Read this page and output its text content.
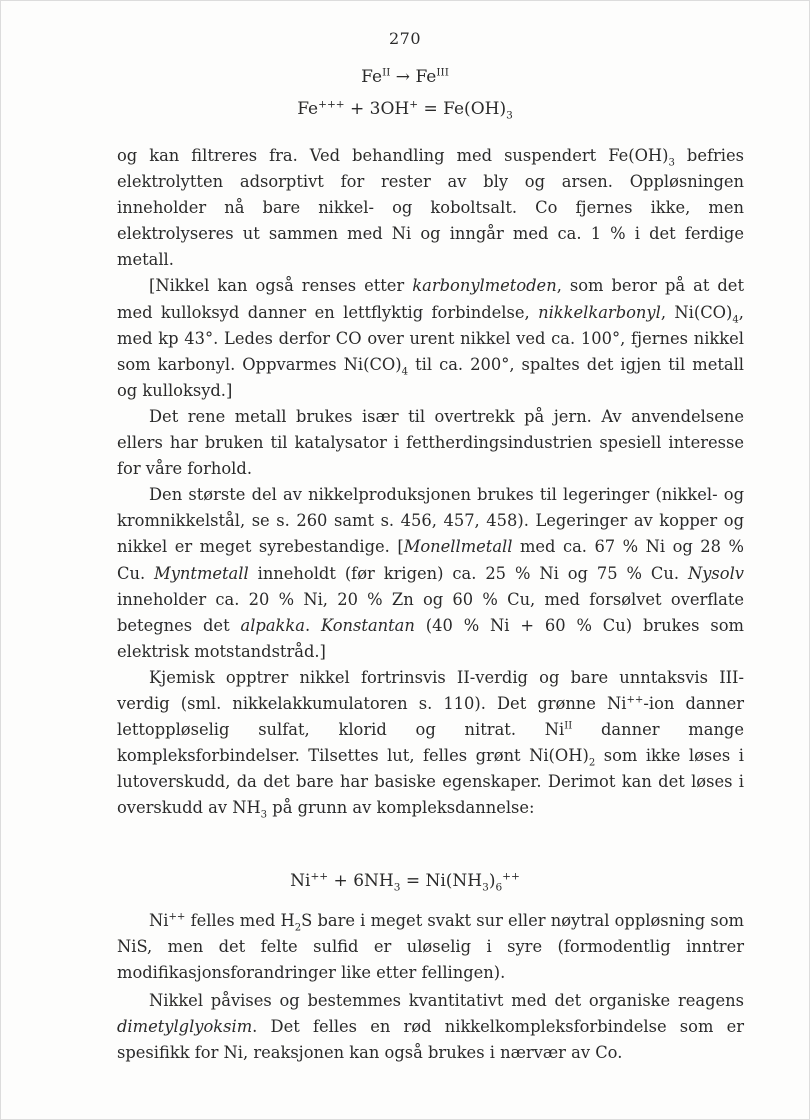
270
$Fe^{II} \to Fe^{III}$
$Fe^{+++} + 3OH^+ = Fe(OH)_3$

og kan filtreres fra. Ved behandling med suspendert $Fe(OH)_3$ befries elektrolytten adsorptivt for rester av bly og arsen. Oppløsningen inneholder nå bare nikkel- og koboltsalt. Co fjernes ikke, men elektrolyseres ut sammen med Ni og inngår med ca. 1 % i det ferdige metall.

[Nikkel kan også renses etter karbonylmetoden, som beror på at det med kulloksyd danner en lettflyktig forbindelse, nikkelkarbonyl, $Ni(CO)_4$, med kp 43°. Ledes derfor CO over urent nikkel ved ca. 100°, fjernes nikkel som karbonyl. Oppvarmes $Ni(CO)_4$ til ca. 200°, spaltes det igjen til metall og kulloksyd.]

Det rene metall brukes især til overtrekk på jern. Av anvendelsene ellers har bruken til katalysator i fettherdingsindustrien spesiell interesse for våre forhold.

Den største del av nikkelproduksjonen brukes til legeringer (nikkel- og kromnikkelstål, se s. 260 samt s. 456, 457, 458). Legeringer av kopper og nikkel er meget syrebestandige. [Monellmetall med ca. 67 % Ni og 28 % Cu. Myntmetall inneholdt (før krigen) ca. 25 % Ni og 75 % Cu. Nysolv inneholder ca. 20 % Ni, 20 % Zn og 60 % Cu, med forsølvet overflate betegnes det alpakka. Konstantan (40 % Ni + 60 % Cu) brukes som elektrisk motstandstråd.]

Kjemisk opptrer nikkel fortrinsvis II-verdig og bare unntaksvis III-verdig (sml. nikkelakkumulatoren s. 110). Det grønne Ni++-ion danner lettoppløselig sulfat, klorid og nitrat. $Ni^{II}$ danner mange kompleksforbindelser. Tilsettes lut, felles grønt $Ni(OH)_2$ som ikke løses i lutoverskudd, da det bare har basiske egenskaper. Derimot kan det løses i overskudd av $NH_3$ på grunn av kompleksdannelse:

$Ni^{++} + 6NH_3 = Ni(NH_3)_6^{++}$

Ni++ felles med $H_2S$ bare i meget svakt sur eller nøytral oppløsning som NiS, men det felte sulfid er uløselig i syre (formodentlig inntrer modifikasjonsforandringer like etter fellingen).

Nikkel påvises og bestemmes kvantitativt med det organiske reagens dimetylglyoksim. Det felles en rød nikkelkompleksforbindelse som er spesifikk for Ni, reaksjonen kan også brukes i nærvær av Co.
